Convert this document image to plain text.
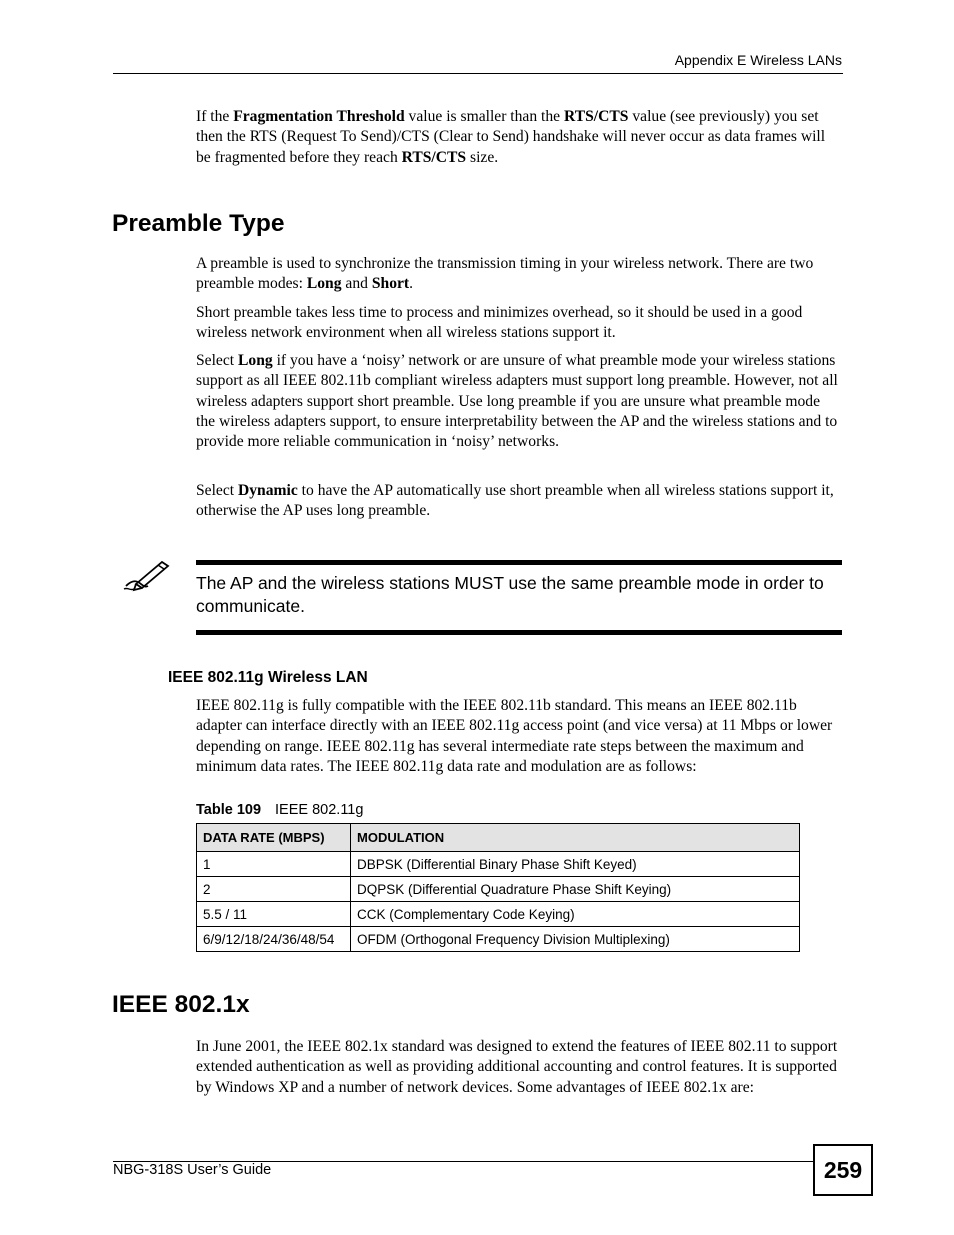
Appendix E Wireless LANs
If the Fragmentation Threshold value is smaller than the RTS/CTS value (see previously) you set then the RTS (Request To Send)/CTS (Clear to Send) handshake will never occur as data frames will be fragmented before they reach RTS/CTS size.
Preamble Type
A preamble is used to synchronize the transmission timing in your wireless network. There are two preamble modes: Long and Short.
Short preamble takes less time to process and minimizes overhead, so it should be used in a good wireless network environment when all wireless stations support it.
Select Long if you have a ‘noisy’ network or are unsure of what preamble mode your wireless stations support as all IEEE 802.11b compliant wireless adapters must support long preamble. However, not all wireless adapters support short preamble. Use long preamble if you are unsure what preamble mode the wireless adapters support, to ensure interpretability between the AP and the wireless stations and to provide more reliable communication in ‘noisy’ networks.
Select Dynamic to have the AP automatically use short preamble when all wireless stations support it, otherwise the AP uses long preamble.
The AP and the wireless stations MUST use the same preamble mode in order to communicate.
IEEE 802.11g Wireless LAN
IEEE 802.11g is fully compatible with the IEEE 802.11b standard. This means an IEEE 802.11b adapter can interface directly with an IEEE 802.11g access point (and vice versa) at 11 Mbps or lower depending on range. IEEE 802.11g has several intermediate rate steps between the maximum and minimum data rates. The IEEE 802.11g data rate and modulation are as follows:
Table 109 IEEE 802.11g
DATA RATE (MBPS)	MODULATION
1	DBPSK (Differential Binary Phase Shift Keyed)
2	DQPSK (Differential Quadrature Phase Shift Keying)
5.5 / 11	CCK (Complementary Code Keying)
6/9/12/18/24/36/48/54	OFDM (Orthogonal Frequency Division Multiplexing)
IEEE 802.1x
In June 2001, the IEEE 802.1x standard was designed to extend the features of IEEE 802.11 to support extended authentication as well as providing additional accounting and control features. It is supported by Windows XP and a number of network devices. Some advantages of IEEE 802.1x are:
NBG-318S User’s Guide	259
